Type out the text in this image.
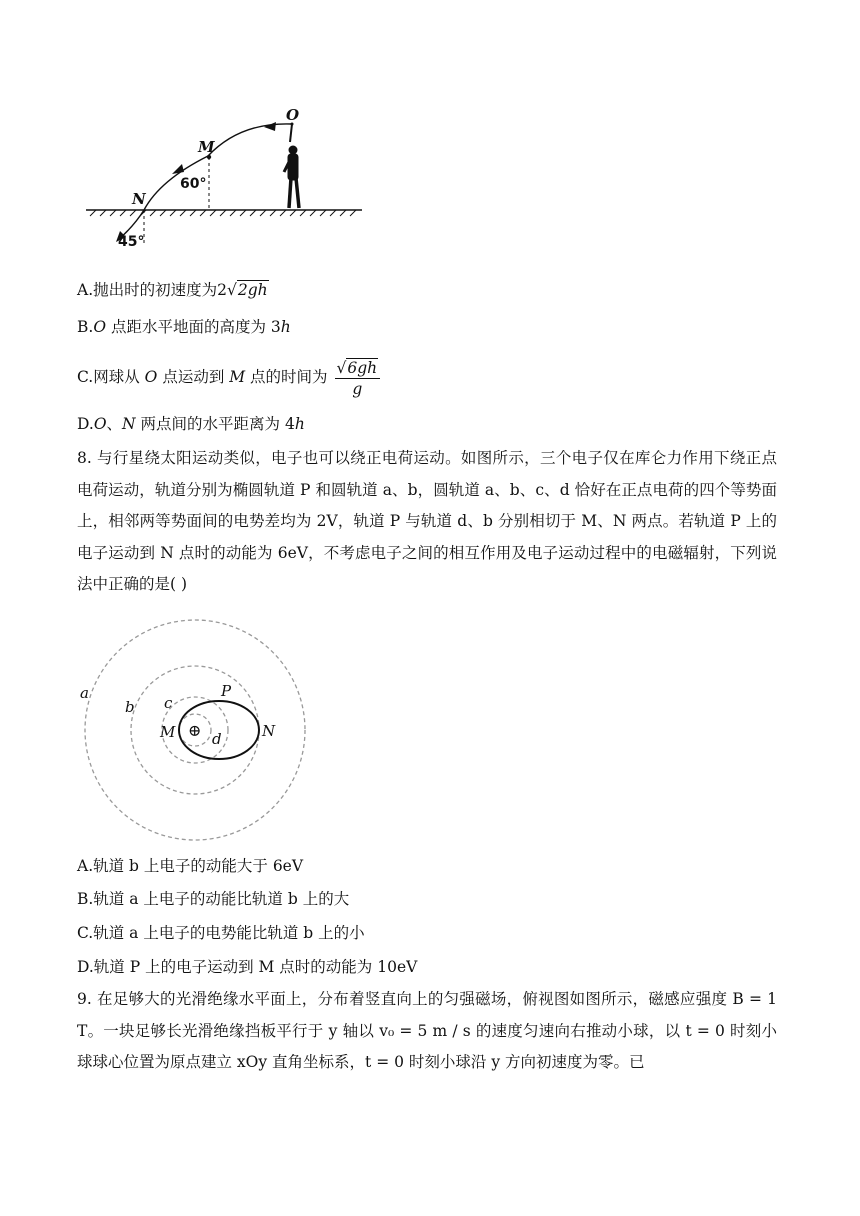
O
M
N
60°
45°
A.抛出时的初速度为2√2gh
B.O 点距水平地面的高度为 3h
C.网球从 O 点运动到 M 点的时间为 $\frac{√6gh}{g}$
D.O、N 两点间的水平距离为 4h
8. 与行星绕太阳运动类似，电子也可以绕正电荷运动。如图所示，三个电子仅在库仑力作用下绕正点电荷运动，轨道分别为椭圆轨道 P 和圆轨道 a、b，圆轨道 a、b、c、d 恰好在正点电荷的四个等势面上，相邻两等势面间的电势差均为 2V，轨道 P 与轨道 d、b 分别相切于 M、N 两点。若轨道 P 上的电子运动到 N 点时的动能为 6eV，不考虑电子之间的相互作用及电子运动过程中的电磁辐射，下列说法中正确的是( )
⊕
a
b c
d
P
M	N
A.轨道 b 上电子的动能大于 6eV
B.轨道 a 上电子的动能比轨道 b 上的大
C.轨道 a 上电子的电势能比轨道 b 上的小
D.轨道 P 上的电子运动到 M 点时的动能为 10eV
9. 在足够大的光滑绝缘水平面上，分布着竖直向上的匀强磁场，俯视图如图所示，磁感应强度 B = 1 T。一块足够长光滑绝缘挡板平行于 y 轴以 v₀ = 5 m / s 的速度匀速向右推动小球，以 t = 0 时刻小球球心位置为原点建立 xOy 直角坐标系，t = 0 时刻小球沿 y 方向初速度为零。已
